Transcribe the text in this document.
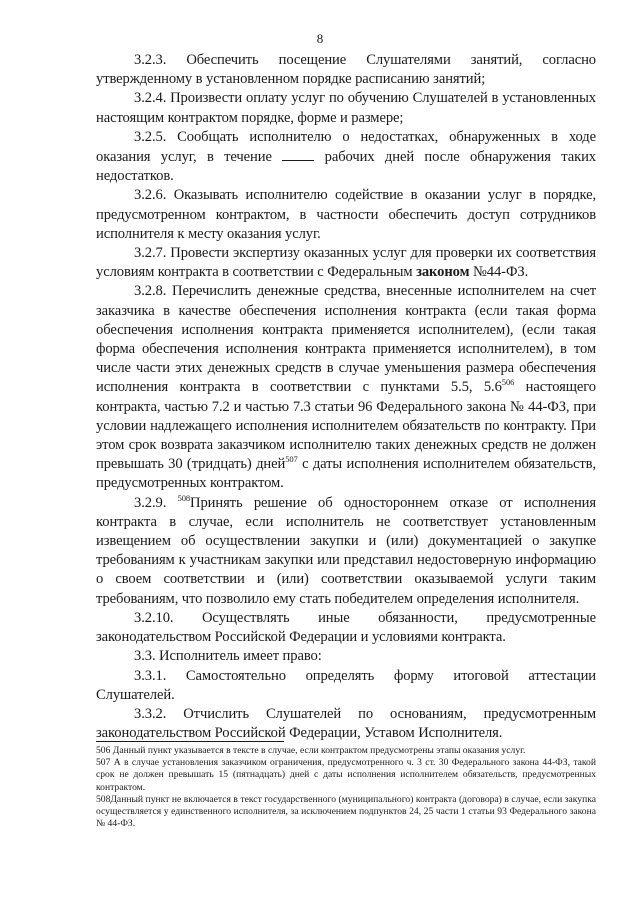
8

3.2.3. Обеспечить посещение Слушателями занятий, согласно утвержденному в установленном порядке расписанию занятий;

3.2.4. Произвести оплату услуг по обучению Слушателей в установленных настоящим контрактом порядке, форме и размере;

3.2.5. Сообщать исполнителю о недостатках, обнаруженных в ходе оказания услуг, в течение	рабочих дней после обнаружения таких недостатков.

3.2.6. Оказывать исполнителю содействие в оказании услуг в порядке, предусмотренном контрактом, в частности обеспечить доступ сотрудников исполнителя к месту оказания услуг.

3.2.7. Провести экспертизу оказанных услуг для проверки их соответствия условиям контракта в соответствии с Федеральным законом №44-ФЗ.

3.2.8. Перечислить денежные средства, внесенные исполнителем на счет заказчика в качестве обеспечения исполнения контракта (если такая форма обеспечения исполнения контракта применяется исполнителем), (если такая форма обеспечения исполнения контракта применяется исполнителем), в том числе части этих денежных средств в случае уменьшения размера обеспечения исполнения контракта в соответствии с пунктами 5.5, $5.6^{506}$ настоящего контракта, частью 7.2 и частью 7.3 статьи 96 Федерального закона № 44-ФЗ, при условии надлежащего исполнения исполнителем обязательств по контракту. При этом срок возврата заказчиком исполнителю таких денежных средств не должен превышать 30 (тридцать) дней$^{507}$ с даты исполнения исполнителем обязательств, предусмотренных контрактом.

3.2.9. $^{508}$Принять решение об одностороннем отказе от исполнения контракта в случае, если исполнитель не соответствует установленным извещением об осуществлении закупки и (или) документацией о закупке требованиям к участникам закупки или представил недостоверную информацию о своем соответствии и (или) соответствии оказываемой услуги таким требованиям, что позволило ему стать победителем определения исполнителя.

3.2.10. Осуществлять иные обязанности, предусмотренные законодательством Российской Федерации и условиями контракта.

3.3. Исполнитель имеет право:

3.3.1. Самостоятельно определять форму итоговой аттестации Слушателей.

3.3.2. Отчислить Слушателей по основаниям, предусмотренным законодательством Российской Федерации, Уставом Исполнителя.

506 Данный пункт указывается в тексте в случае, если контрактом предусмотрены этапы оказания услуг.

507 А в случае установления заказчиком ограничения, предусмотренного ч. 3 ст. 30 Федерального закона 44-ФЗ, такой срок не должен превышать 15 (пятнадцать) дней с даты исполнения исполнителем обязательств, предусмотренных контрактом.

508Данный пункт не включается в текст государственного (муниципального) контракта (договора) в случае, если закупка осуществляется у единственного исполнителя, за исключением подпунктов 24, 25 части 1 статьи 93 Федерального закона № 44-ФЗ.
